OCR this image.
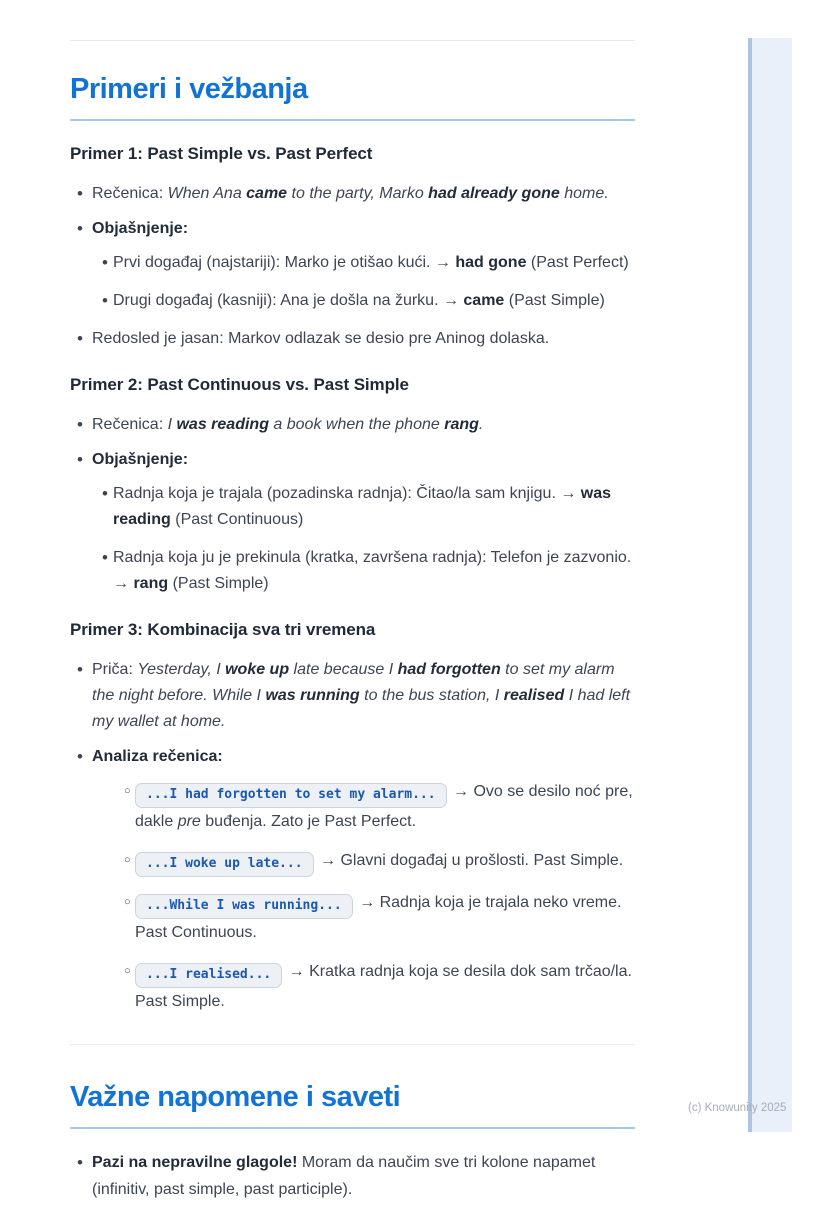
(c) Knowunity 2025
Primeri i vežbanja
Primer 1: Past Simple vs. Past Perfect
•
Rečenica: When Ana came to the party, Marko had already gone home.
•
Objašnjenje:
•
Prvi događaj (najstariji): Marko je otišao kući. → had gone (Past Perfect)
•
Drugi događaj (kasniji): Ana je došla na žurku. → came (Past Simple)
•
Redosled je jasan: Markov odlazak se desio pre Aninog dolaska.
Primer 2: Past Continuous vs. Past Simple
•
Rečenica: I was reading a book when the phone rang.
•
Objašnjenje:
•
Radnja koja je trajala (pozadinska radnja): Čitao/la sam knjigu. → was reading (Past Continuous)
•
Radnja koja ju je prekinula (kratka, završena radnja): Telefon je zazvonio. → rang (Past Simple)
Primer 3: Kombinacija sva tri vremena
•
Priča: Yesterday, I woke up late because I had forgotten to set my alarm the night before. While I was running to the bus station, I realised I had left my wallet at home.
•
Analiza rečenica:
○
...I had forgotten to set my alarm... → Ovo se desilo noć pre, dakle pre buđenja. Zato je Past Perfect.
○
...I woke up late... → Glavni događaj u prošlosti. Past Simple.
○
...While I was running... → Radnja koja je trajala neko vreme. Past Continuous.
○
...I realised... → Kratka radnja koja se desila dok sam trčao/la. Past Simple.
Važne napomene i saveti
•
Pazi na nepravilne glagole! Moram da naučim sve tri kolone napamet (infinitiv, past simple, past participle).
